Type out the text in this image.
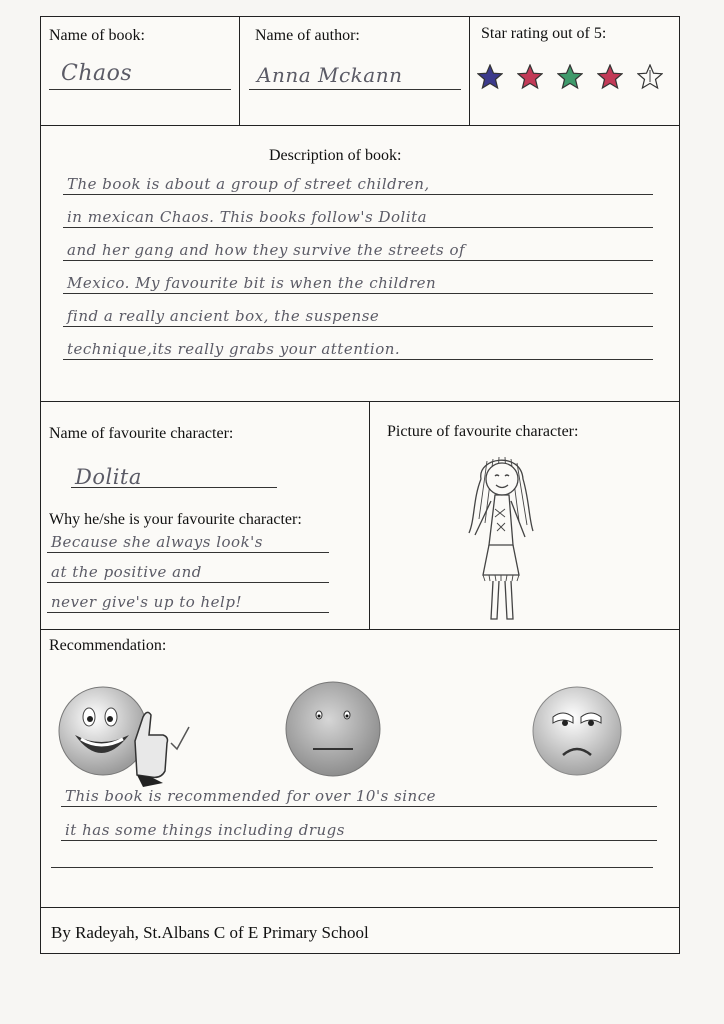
Name of book:
Chaos
Name of author:
Anna Mckann
Star rating out of 5:
Description of book:
The book is about a group of street children,
in mexican Chaos. This books follow's Dolita
and her gang and how they survive the streets of
Mexico. My favourite bit is when the children
find a really ancient box, the suspense
technique,its really grabs your attention.
Name of favourite character:
Dolita
Why he/she is your favourite character:
Because she always look's
at the positive and
never give's up to help!
Picture of favourite character:
Recommendation:
This book is recommended for over 10's since
it has some things including drugs
By Radeyah, St.Albans C of E Primary School
